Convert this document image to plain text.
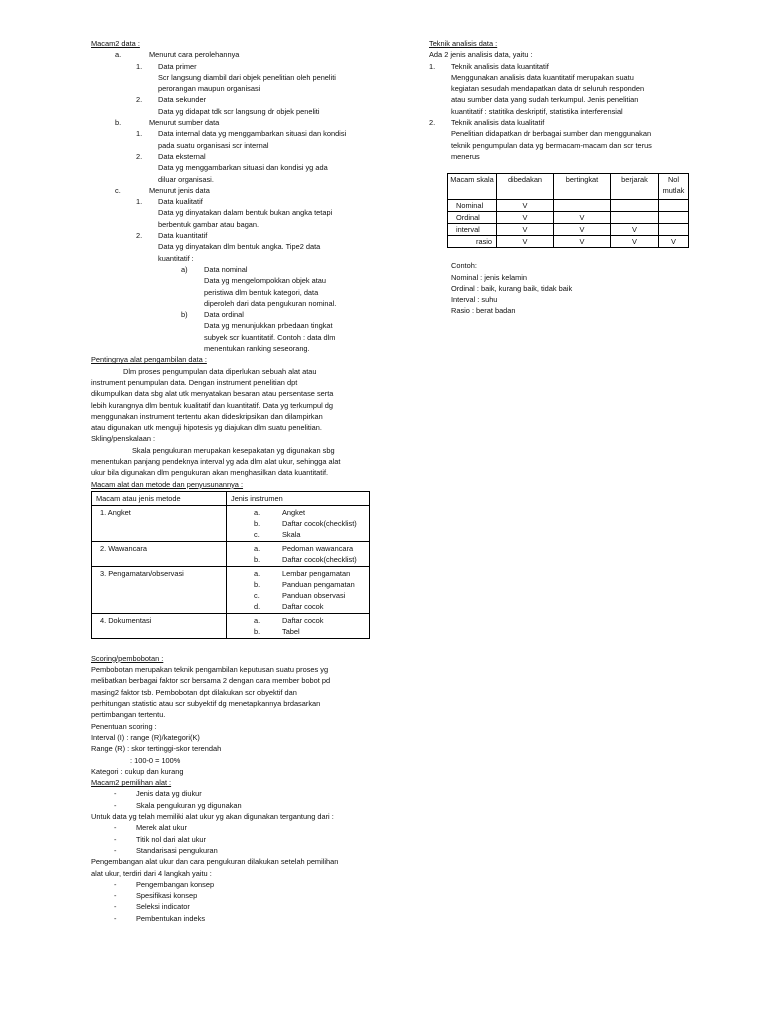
Macam2 data :
a.	Menurut cara perolehannya
1. Data primer
Scr langsung diambil dari objek penelitian oleh peneliti
perorangan maupun organisasi
2. Data sekunder
Data yg didapat tdk scr langsung dr objek peneliti
b.	Menurut sumber data
1. Data internal data yg menggambarkan situasi dan kondisi
pada suatu organisasi scr internal
2. Data eksternal
Data yg menggambarkan situasi dan kondisi yg ada
diluar organisasi.
c.	Menurut jenis data
1. Data kualitatif
Data yg dinyatakan dalam bentuk bukan angka tetapi
berbentuk gambar atau bagan.
2. Data kuantitatif
Data yg dinyatakan dlm bentuk angka. Tipe2 data
kuantitatif :
a) Data nominal
Data yg mengelompokkan objek atau
peristiwa dlm bentuk kategori, data
diperoleh dari data pengukuran nominal.
b) Data ordinal
Data yg menunjukkan prbedaan tingkat
subyek scr kuantitatif. Contoh : data dlm
menentukan ranking seseorang.
Pentingnya alat pengambilan data :
Dlm proses pengumpulan data diperlukan sebuah alat atau
instrument penumpulan data. Dengan instrument penelitian dpt
dikumpulkan data sbg alat utk menyatakan besaran atau persentase serta
lebih kurangnya dlm bentuk kualitatif dan kuantitatif. Data yg terkumpul dg
menggunakan instrument tertentu akan dideskripsikan dan dilampirkan
atau digunakan utk menguji hipotesis yg diajukan dlm suatu penelitian.
Skling/penskalaan :
Skala pengukuran merupakan kesepakatan yg digunakan sbg
menentukan panjang pendeknya interval yg ada dlm alat ukur, sehingga alat
ukur bila digunakan dlm pengukuran akan menghasilkan data kuantitatif.
Macam alat dan metode dan penyusunannya :
Macam atau jenis metode	Jenis instrumen
1. Angket	a. Angket
b. Daftar cocok(checklist)
c. Skala

2. Wawancara	a. Pedoman wawancara
b. Daftar cocok(checklist)

3. Pengamatan/observasi	a. Lembar pengamatan
b. Panduan pengamatan
c. Panduan observasi
d. Daftar cocok

4. Dokumentasi	a. Daftar cocok
b. Tabel
Scoring/pembobotan :
Pembobotan merupakan teknik pengambilan keputusan suatu proses yg
melibatkan berbagai faktor scr bersama 2 dengan cara member bobot pd
masing2 faktor tsb. Pembobotan dpt dilakukan scr obyektif dan
perhitungan statistic atau scr subyektif dg menetapkannya brdasarkan
pertimbangan tertentu.
Penentuan scoring :
Interval (I) : range (R)/kategori(K)
Range (R) : skor tertinggi-skor terendah
: 100-0 = 100%
Kategori : cukup dan kurang
Macam2 pemilihan alat :
-	Jenis data yg diukur
-	Skala pengukuran yg digunakan
Untuk data yg telah memiliki alat ukur yg akan digunakan tergantung dari :
-	Merek alat ukur
-	Titik nol dari alat ukur
-	Standarisasi pengukuran
Pengembangan alat ukur dan cara pengukuran dilakukan setelah pemilihan
alat ukur, terdiri dari 4 langkah yaitu :
-	Pengembangan konsep
-	Spesifikasi konsep
-	Seleksi indicator
-	Pembentukan indeks
Teknik analisis data :
Ada 2 jenis analisis data, yaitu :
1. Teknik analisis data kuantitatif
Menggunakan analisis data kuantitatif merupakan suatu
kegiatan sesudah mendapatkan data dr seluruh responden
atau sumber data yang sudah terkumpul. Jenis penelitian
kuantitatif : statitika deskriptif, statistika interferensial
2. Teknik analisis data kualitatif
Penelitian didapatkan dr berbagai sumber dan menggunakan
teknik pengumpulan data yg bermacam-macam dan scr terus
menerus
Macam skala	dibedakan	bertingkat	berjarak	Nol mutlak
Nominal	V			
Ordinal	V	V		
interval	V	V	V	
rasio	V	V	V	V
Contoh:
Nominal : jenis kelamin
Ordinal : baik, kurang baik, tidak baik
Interval : suhu
Rasio : berat badan
